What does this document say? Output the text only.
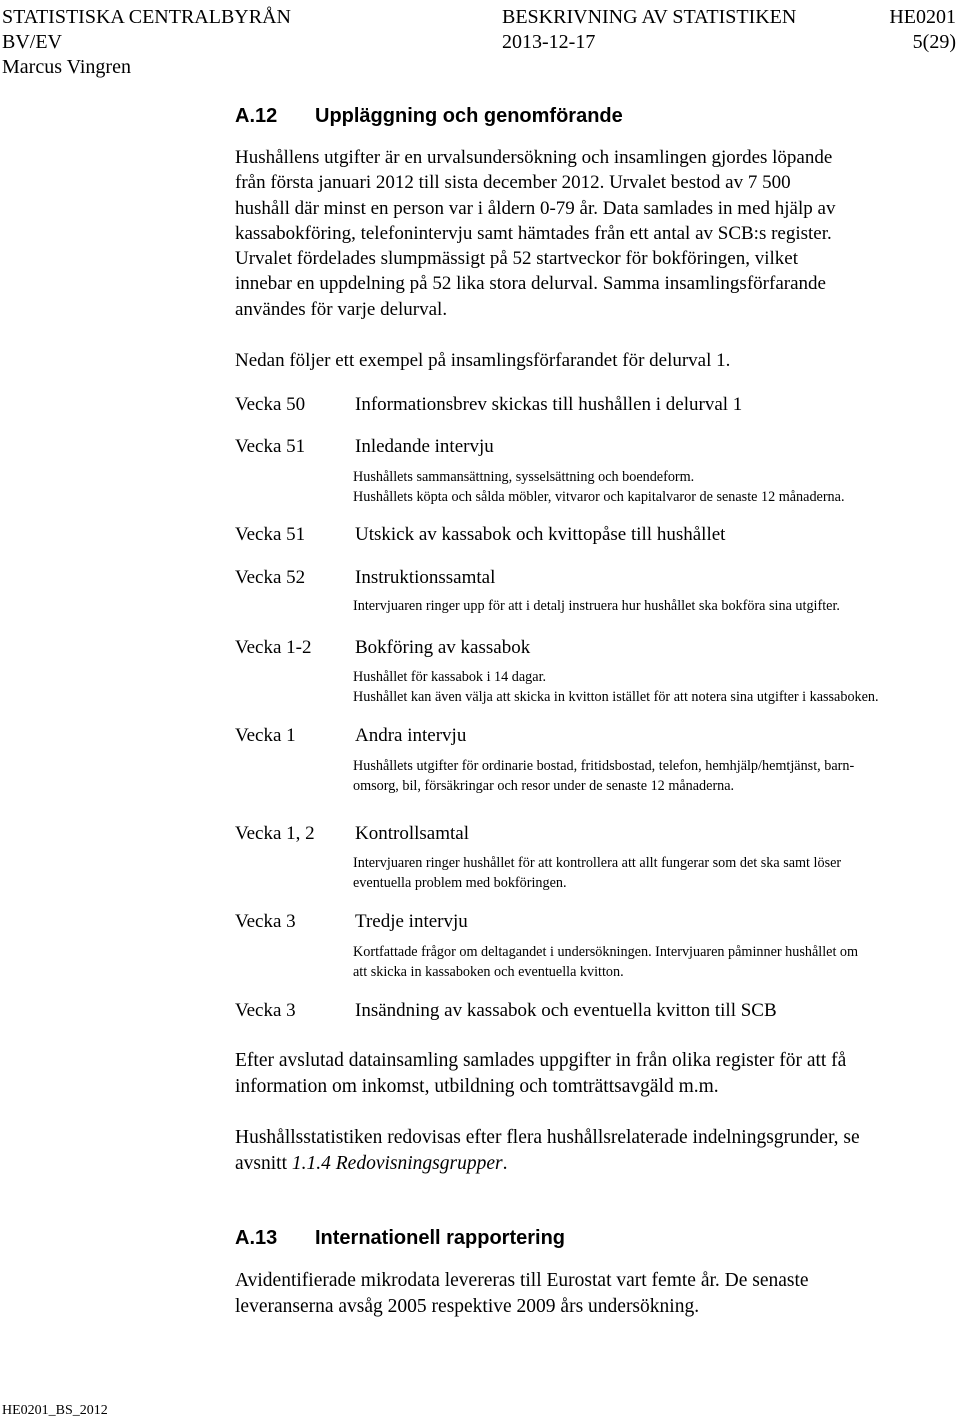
STATISTISKA CENTRALBYRÅN
BV/EV
Marcus Vingren
BESKRIVNING AV STATISTIKEN
2013-12-17
HE0201
5(29)
A.12 Uppläggning och genomförande
Hushållens utgifter är en urvalsundersökning och insamlingen gjordes löpande
från första januari 2012 till sista december 2012. Urvalet bestod av 7 500
hushåll där minst en person var i åldern 0-79 år. Data samlades in med hjälp av
kassabokföring, telefonintervju samt hämtades från ett antal av SCB:s register.
Urvalet fördelades slumpmässigt på 52 startveckor för bokföringen, vilket
innebar en uppdelning på 52 lika stora delurval. Samma insamlingsförfarande
användes för varje delurval.
Nedan följer ett exempel på insamlingsförfarandet för delurval 1.
Vecka 50	Informationsbrev skickas till hushållen i delurval 1
Vecka 51	Inledande intervju
Hushållets sammansättning, sysselsättning och boendeform.
Hushållets köpta och sålda möbler, vitvaror och kapitalvaror de senaste 12 månaderna.
Vecka 51	Utskick av kassabok och kvittopåse till hushållet
Vecka 52	Instruktionssamtal
Intervjuaren ringer upp för att i detalj instruera hur hushållet ska bokföra sina utgifter.
Vecka 1-2 Bokföring av kassabok
Hushållet för kassabok i 14 dagar.
Hushållet kan även välja att skicka in kvitton istället för att notera sina utgifter i kassaboken.
Vecka 1	Andra intervju
Hushållets utgifter för ordinarie bostad, fritidsbostad, telefon, hemhjälp/hemtjänst, barn-
omsorg, bil, försäkringar och resor under de senaste 12 månaderna.
Vecka 1, 2 Kontrollsamtal
Intervjuaren ringer hushållet för att kontrollera att allt fungerar som det ska samt löser
eventuella problem med bokföringen.
Vecka 3	Tredje intervju
Kortfattade frågor om deltagandet i undersökningen. Intervjuaren påminner hushållet om
att skicka in kassaboken och eventuella kvitton.
Vecka 3	Insändning av kassabok och eventuella kvitton till SCB
Efter avslutad datainsamling samlades uppgifter in från olika register för att få
information om inkomst, utbildning och tomträttsavgäld m.m.
Hushållsstatistiken redovisas efter flera hushållsrelaterade indelningsgrunder, se
avsnitt 1.1.4 Redovisningsgrupper.
A.13 Internationell rapportering
Avidentifierade mikrodata levereras till Eurostat vart femte år. De senaste
leveranserna avsåg 2005 respektive 2009 års undersökning.
HE0201_BS_2012
